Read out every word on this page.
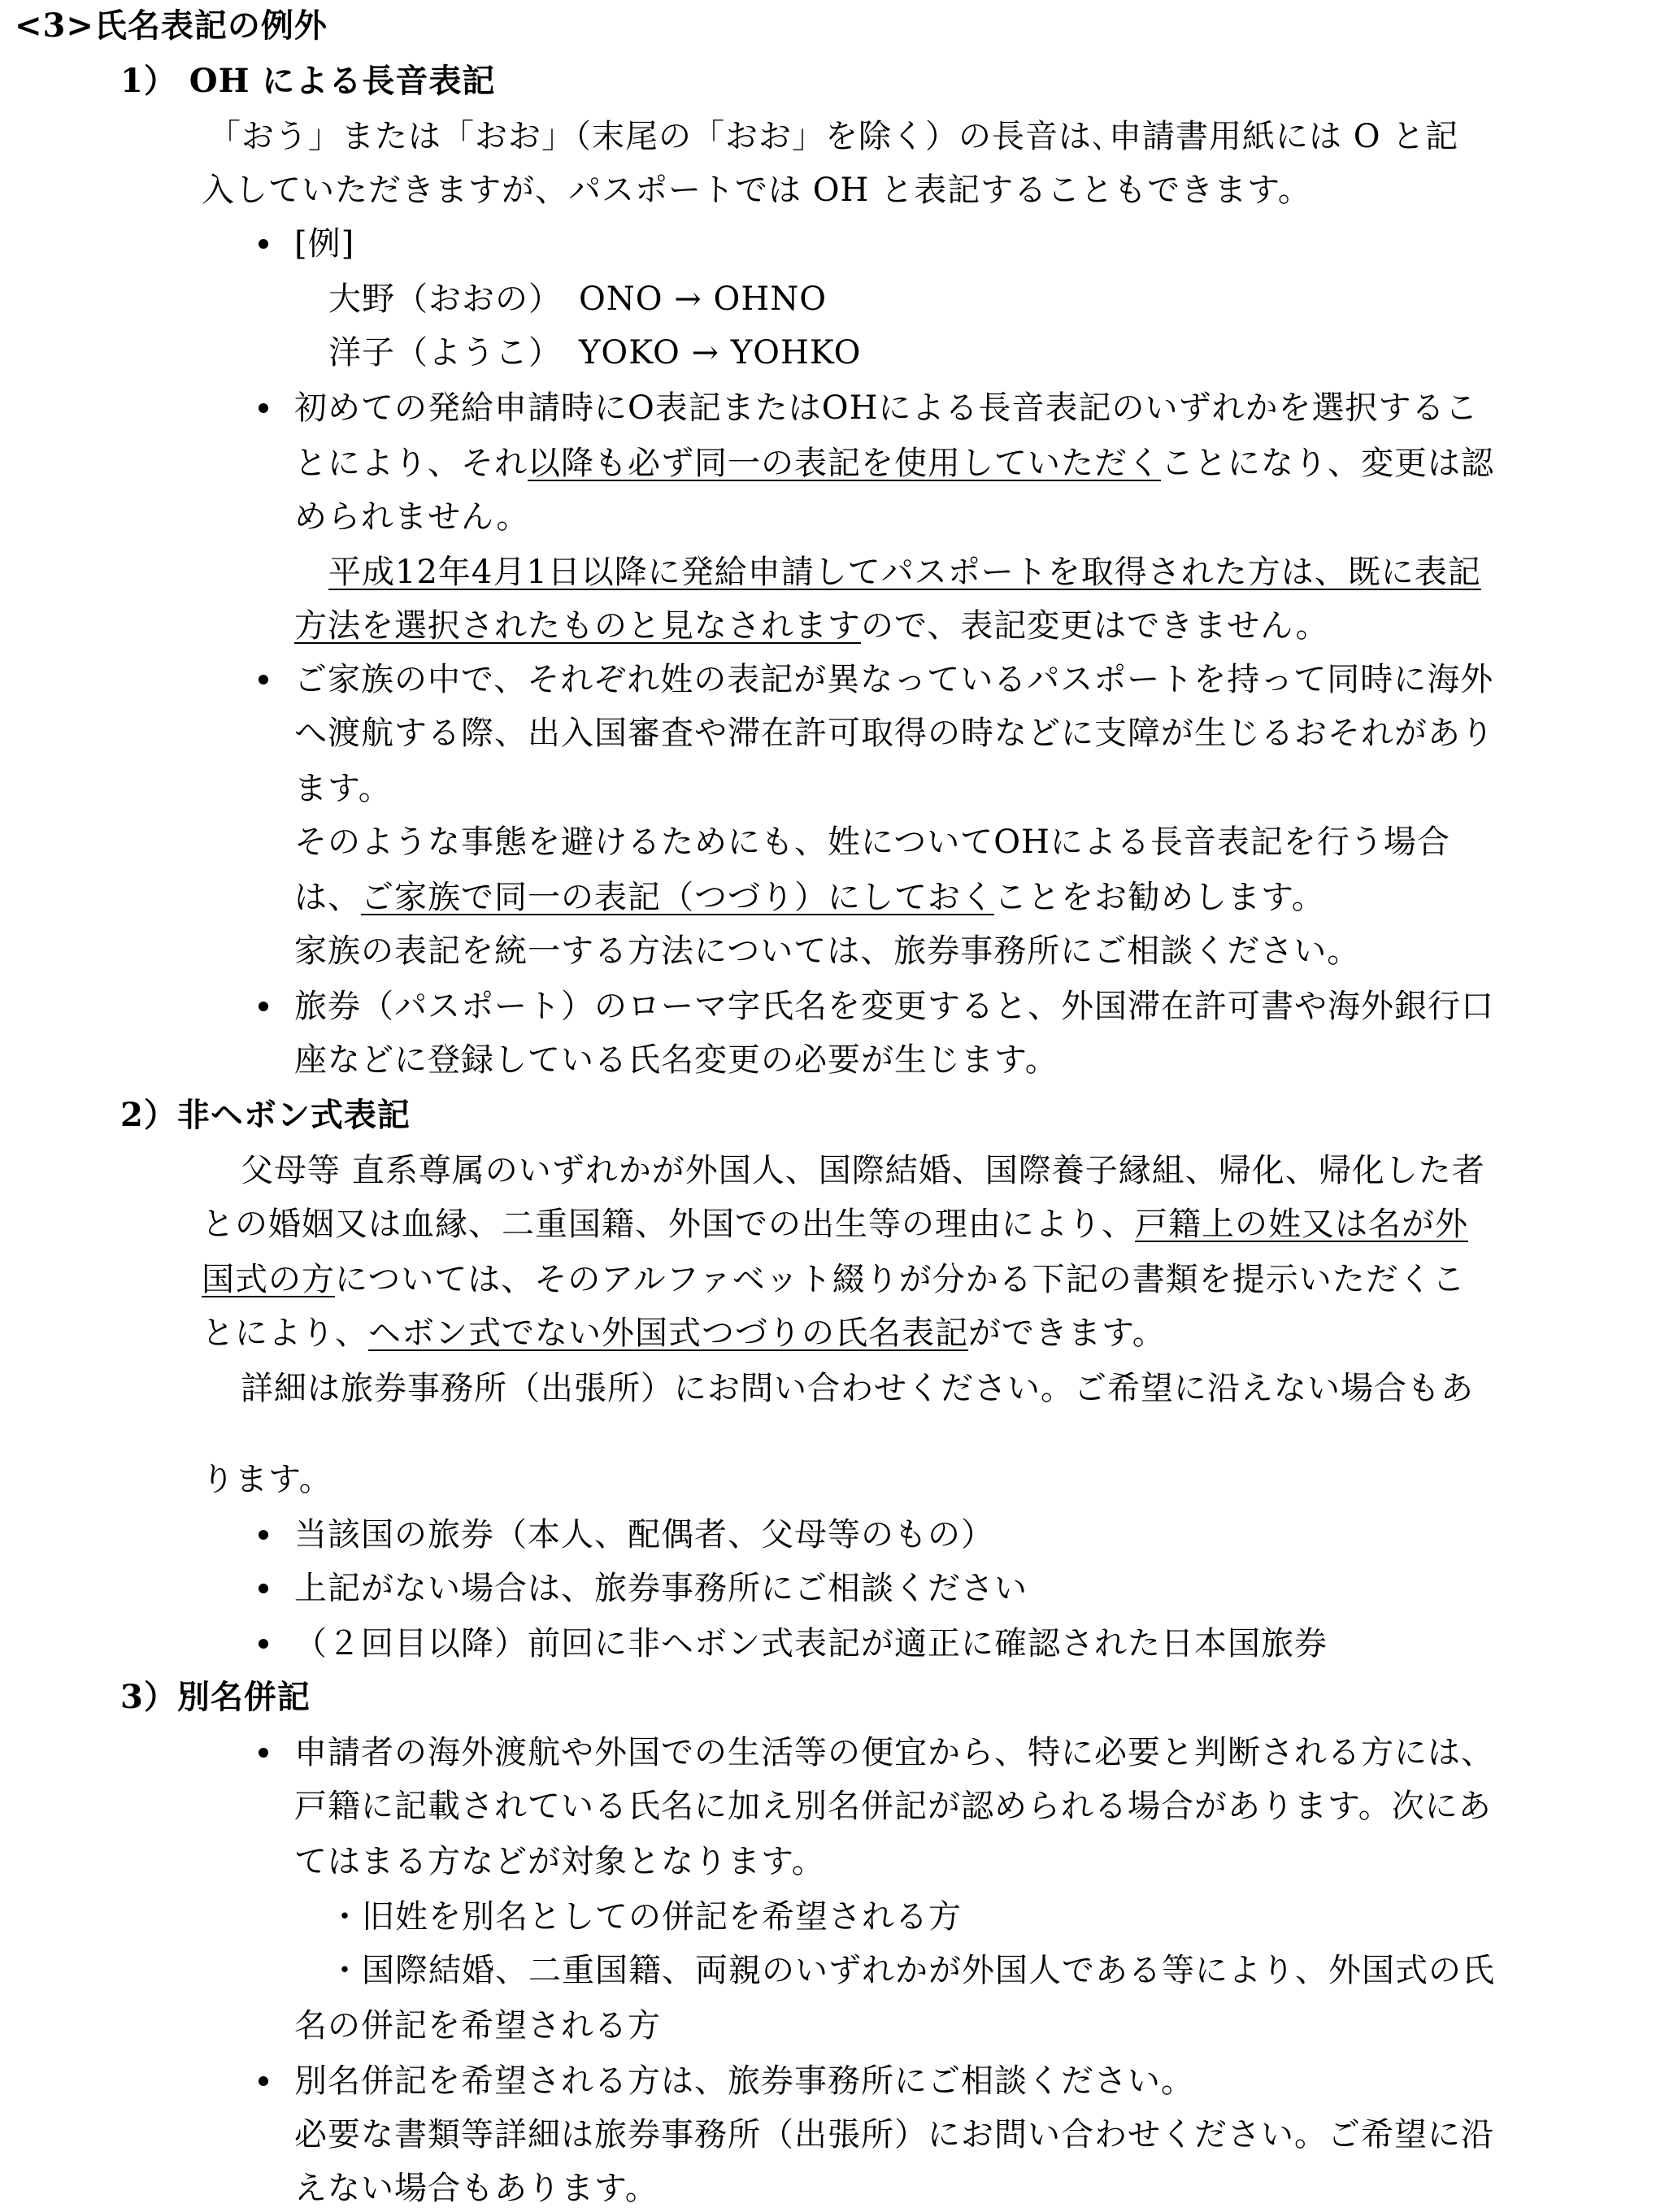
<3>氏名表記の例外
1） OH による長音表記
「おう」または「おお」（末尾の「おお」を除く）の長音は､申請書用紙には O と記
入していただきますが、パスポートでは OH と表記することもできます。
[例]
大野（おおの）　ONO → OHNO
洋子（ようこ）　YOKO → YOHKO
初めての発給申請時にO表記またはOHによる長音表記のいずれかを選択するこ
とにより、それ以降も必ず同一の表記を使用していただくことになり、変更は認
められません。
平成12年4月1日以降に発給申請してパスポートを取得された方は、既に表記
方法を選択されたものと見なされますので、表記変更はできません。
ご家族の中で、それぞれ姓の表記が異なっているパスポートを持って同時に海外
へ渡航する際、出入国審査や滞在許可取得の時などに支障が生じるおそれがあり
ます。
そのような事態を避けるためにも、姓についてOHによる長音表記を行う場合
は、ご家族で同一の表記（つづり）にしておくことをお勧めします。
家族の表記を統一する方法については、旅券事務所にご相談ください。
旅券（パスポート）のローマ字氏名を変更すると、外国滞在許可書や海外銀行口
座などに登録している氏名変更の必要が生じます。
2）非ヘボン式表記
父母等 直系尊属のいずれかが外国人、国際結婚、国際養子縁組、帰化、帰化した者
との婚姻又は血縁、二重国籍、外国での出生等の理由により、戸籍上の姓又は名が外
国式の方については、そのアルファベット綴りが分かる下記の書類を提示いただくこ
とにより、ヘボン式でない外国式つづりの氏名表記ができます。
詳細は旅券事務所（出張所）にお問い合わせください。ご希望に沿えない場合もあ
ります。
当該国の旅券（本人、配偶者、父母等のもの）
上記がない場合は、旅券事務所にご相談ください
（２回目以降）前回に非ヘボン式表記が適正に確認された日本国旅券
3）別名併記
申請者の海外渡航や外国での生活等の便宜から、特に必要と判断される方には、
戸籍に記載されている氏名に加え別名併記が認められる場合があります。次にあ
てはまる方などが対象となります。
・旧姓を別名としての併記を希望される方
・国際結婚、二重国籍、両親のいずれかが外国人である等により、外国式の氏
名の併記を希望される方
別名併記を希望される方は、旅券事務所にご相談ください。
必要な書類等詳細は旅券事務所（出張所）にお問い合わせください。ご希望に沿
えない場合もあります。
